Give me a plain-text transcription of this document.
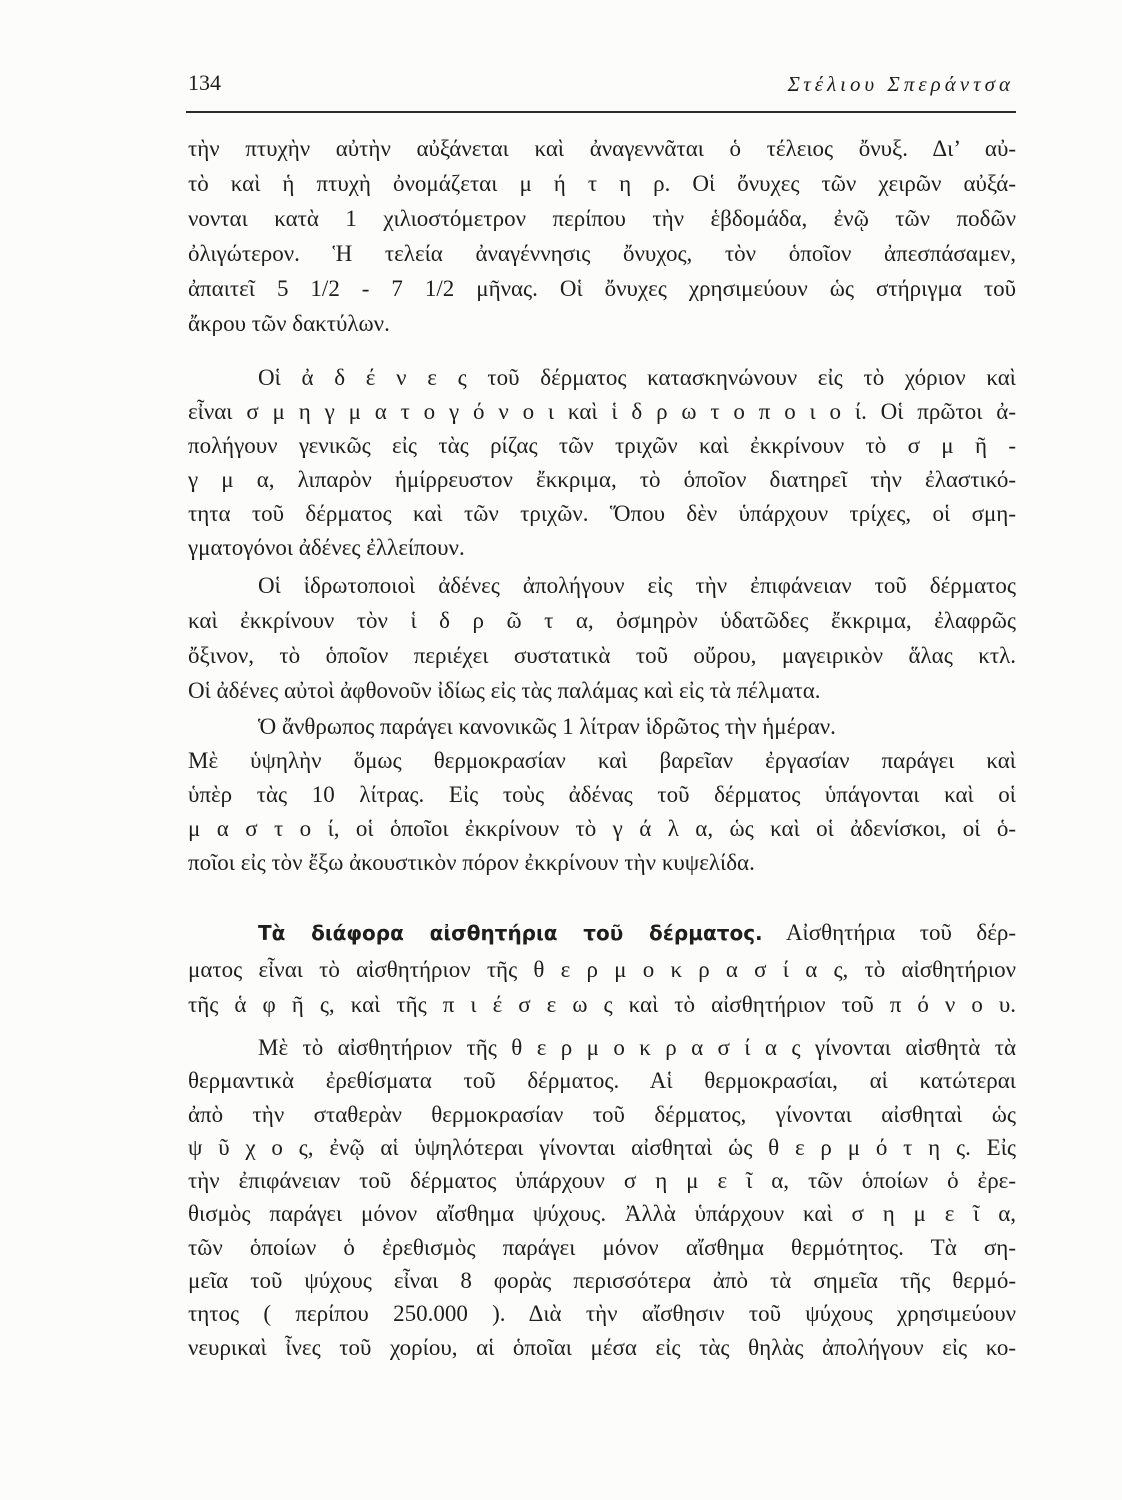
134	Στέλιου Σπεράντσα
τὴν πτυχὴν αὐτὴν αὐξάνεται καὶ ἀναγεννᾶται ὁ τέλειος ὄνυξ. Δι’ αὐ-
τὸ καὶ ἡ πτυχὴ ὀνομάζεται μ ή τ η ρ. Οἱ ὄνυχες τῶν χειρῶν αὐξά-
νονται κατὰ 1 χιλιοστόμετρον περίπου τὴν ἑβδομάδα, ἐνῷ τῶν ποδῶν
ὀλιγώτερον. Ἡ τελεία ἀναγέννησις ὄνυχος, τὸν ὁποῖον ἀπεσπάσαμεν,
ἀπαιτεῖ 5 1/2 - 7 1/2 μῆνας. Οἱ ὄνυχες χρησιμεύουν ὡς στήριγμα τοῦ
ἄκρου τῶν δακτύλων.
Οἱ ἀ δ έ ν ε ς τοῦ δέρματος κατασκηνώνουν εἰς τὸ χόριον καὶ
εἶναι σ μ η γ μ α τ ο γ ό ν ο ι καὶ ἱ δ ρ ω τ ο π ο ι ο ί. Οἱ πρῶτοι ἀ-
πολήγουν γενικῶς εἰς τὰς ρίζας τῶν τριχῶν καὶ ἐκκρίνουν τὸ σ μ ῆ -
γ μ α, λιπαρὸν ἡμίρρευστον ἔκκριμα, τὸ ὁποῖον διατηρεῖ τὴν ἐλαστικό-
τητα τοῦ δέρματος καὶ τῶν τριχῶν. Ὅπου δὲν ὑπάρχουν τρίχες, οἱ σμη-
γματογόνοι ἀδένες ἐλλείπουν.
Οἱ ἱδρωτοποιοὶ ἀδένες ἀπολήγουν εἰς τὴν ἐπιφάνειαν τοῦ δέρματος
καὶ ἐκκρίνουν τὸν ἱ δ ρ ῶ τ α, ὀσμηρὸν ὑδατῶδες ἔκκριμα, ἐλαφρῶς
ὄξινον, τὸ ὁποῖον περιέχει συστατικὰ τοῦ οὔρου, μαγειρικὸν ἅλας κτλ.
Οἱ ἀδένες αὐτοὶ ἀφθονοῦν ἰδίως εἰς τὰς παλάμας καὶ εἰς τὰ πέλματα.
Ὁ ἄνθρωπος παράγει κανονικῶς 1 λίτραν ἱδρῶτος τὴν ἡμέραν.
Μὲ ὑψηλὴν ὅμως θερμοκρασίαν καὶ βαρεῖαν ἐργασίαν παράγει καὶ
ὑπὲρ τὰς 10 λίτρας. Εἰς τοὺς ἀδένας τοῦ δέρματος ὑπάγονται καὶ οἱ
μ α σ τ ο ί, οἱ ὁποῖοι ἐκκρίνουν τὸ γ ά λ α, ὡς καὶ οἱ ἀδενίσκοι, οἱ ὁ-
ποῖοι εἰς τὸν ἔξω ἀκουστικὸν πόρον ἐκκρίνουν τὴν κυψελίδα.
Τὰ διάφορα αἰσθητήρια τοῦ δέρματος. Αἰσθητήρια τοῦ δέρ-
ματος εἶναι τὸ αἰσθητήριον τῆς θ ε ρ μ ο κ ρ α σ ί α ς, τὸ αἰσθητήριον
τῆς ἁ φ ῆ ς, καὶ τῆς π ι έ σ ε ω ς καὶ τὸ αἰσθητήριον τοῦ π ό ν ο υ.
Μὲ τὸ αἰσθητήριον τῆς θ ε ρ μ ο κ ρ α σ ί α ς γίνονται αἰσθητὰ τὰ
θερμαντικὰ ἐρεθίσματα τοῦ δέρματος. Αἱ θερμοκρασίαι, αἱ κατώτεραι
ἀπὸ τὴν σταθερὰν θερμοκρασίαν τοῦ δέρματος, γίνονται αἰσθηταὶ ὡς
ψ ῦ χ ο ς, ἐνῷ αἱ ὑψηλότεραι γίνονται αἰσθηταὶ ὡς θ ε ρ μ ό τ η ς. Εἰς
τὴν ἐπιφάνειαν τοῦ δέρματος ὑπάρχουν σ η μ ε ῖ α, τῶν ὁποίων ὁ ἐρε-
θισμὸς παράγει μόνον αἴσθημα ψύχους. Ἀλλὰ ὑπάρχουν καὶ σ η μ ε ῖ α,
τῶν ὁποίων ὁ ἐρεθισμὸς παράγει μόνον αἴσθημα θερμότητος. Τὰ ση-
μεῖα τοῦ ψύχους εἶναι 8 φορὰς περισσότερα ἀπὸ τὰ σημεῖα τῆς θερμό-
τητος ( περίπου 250.000 ). Διὰ τὴν αἴσθησιν τοῦ ψύχους χρησιμεύουν
νευρικαὶ ἶνες τοῦ χορίου, αἱ ὁποῖαι μέσα εἰς τὰς θηλὰς ἀπολήγουν εἰς κο-
